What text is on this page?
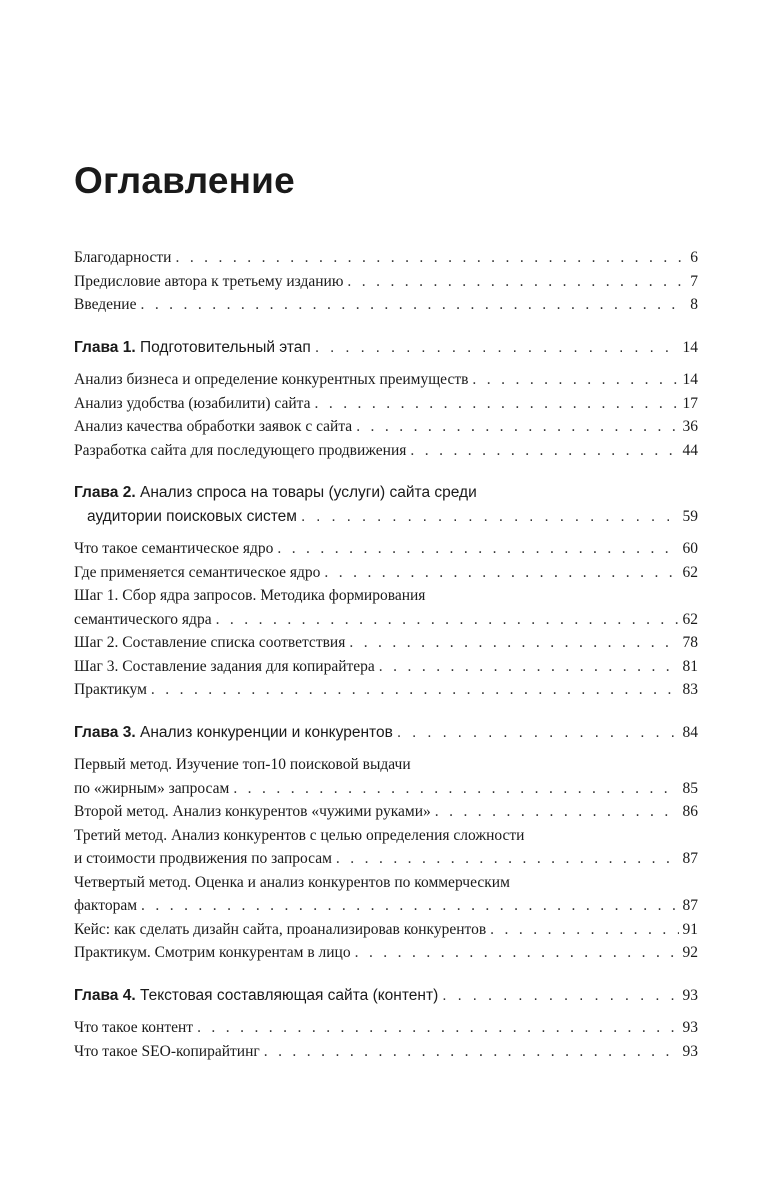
Оглавление
Благодарности . . .	6
Предисловие автора к третьему изданию . . .	7
Введение . . .	8
Глава 1. Подготовительный этап . . .	14
Анализ бизнеса и определение конкурентных преимуществ . . .	14
Анализ удобства (юзабилити) сайта . . .	17
Анализ качества обработки заявок с сайта . . .	36
Разработка сайта для последующего продвижения . . .	44
Глава 2. Анализ спроса на товары (услуги) сайта среди
аудитории поисковых систем . . .	59
Что такое семантическое ядро . . .	60
Где применяется семантическое ядро . . .	62
Шаг 1. Сбор ядра запросов. Методика формирования
семантического ядра . . .	62
Шаг 2. Составление списка соответствия . . .	78
Шаг 3. Составление задания для копирайтера . . .	81
Практикум . . .	83
Глава 3. Анализ конкуренции и конкурентов . . .	84
Первый метод. Изучение топ-10 поисковой выдачи
по «жирным» запросам . . .	85
Второй метод. Анализ конкурентов «чужими руками» . . .	86
Третий метод. Анализ конкурентов с целью определения сложности
и стоимости продвижения по запросам . . .	87
Четвертый метод. Оценка и анализ конкурентов по коммерческим
факторам . . .	87
Кейс: как сделать дизайн сайта, проанализировав конкурентов . . .	91
Практикум. Смотрим конкурентам в лицо . . .	92
Глава 4. Текстовая составляющая сайта (контент) . . .	93
Что такое контент . . .	93
Что такое SEO-копирайтинг . . .	93
